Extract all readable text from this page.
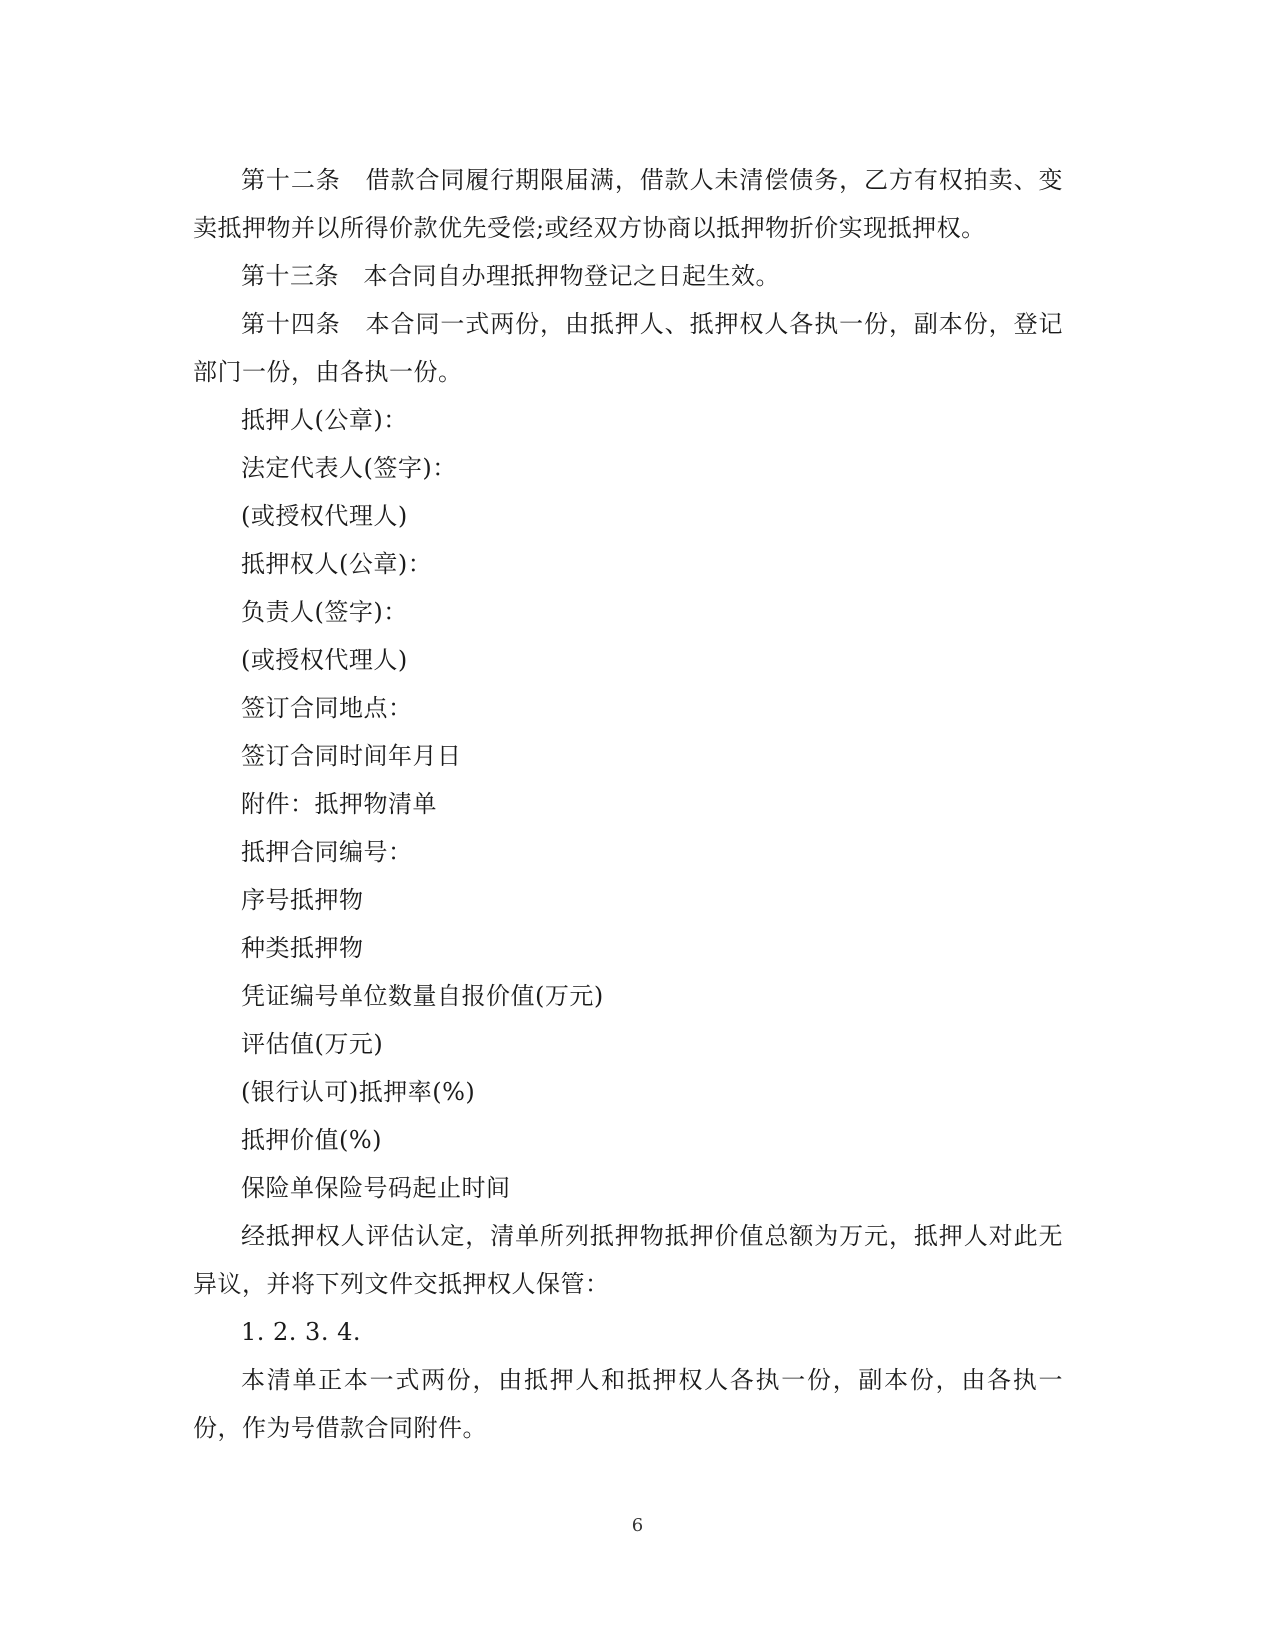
第十二条　借款合同履行期限届满，借款人未清偿债务，乙方有权拍卖、变卖抵押物并以所得价款优先受偿;或经双方协商以抵押物折价实现抵押权。

第十三条　本合同自办理抵押物登记之日起生效。

第十四条　本合同一式两份，由抵押人、抵押权人各执一份，副本份，登记部门一份，由各执一份。

抵押人(公章)：

法定代表人(签字)：

(或授权代理人)

抵押权人(公章)：

负责人(签字)：

(或授权代理人)

签订合同地点：

签订合同时间年月日

附件：抵押物清单

抵押合同编号：

序号抵押物

种类抵押物

凭证编号单位数量自报价值(万元)

评估值(万元)

(银行认可)抵押率(%)

抵押价值(%)

保险单保险号码起止时间

经抵押权人评估认定，清单所列抵押物抵押价值总额为万元，抵押人对此无异议，并将下列文件交抵押权人保管：

1. 2. 3. 4.

本清单正本一式两份，由抵押人和抵押权人各执一份，副本份，由各执一份，作为号借款合同附件。

6
